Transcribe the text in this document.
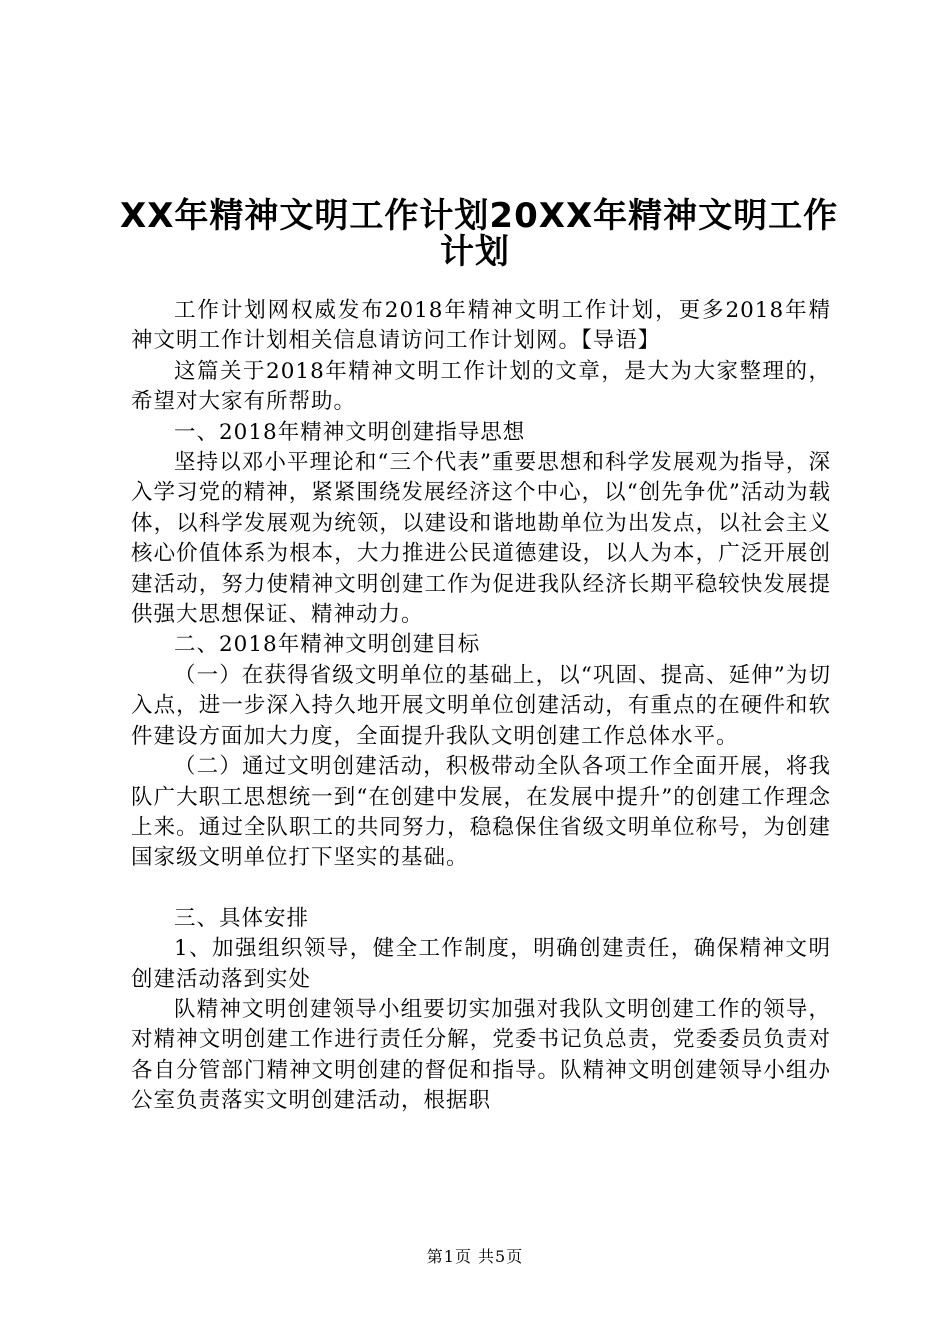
XX年精神文明工作计划20XX年精神文明工作
计划

工作计划网权威发布2018年精神文明工作计划，更多2018年精神文明工作计划相关信息请访问工作计划网。【导语】

这篇关于2018年精神文明工作计划的文章，是大为大家整理的，希望对大家有所帮助。

一、2018年精神文明创建指导思想

坚持以邓小平理论和“三个代表”重要思想和科学发展观为指导，深入学习党的精神，紧紧围绕发展经济这个中心，以“创先争优”活动为载体，以科学发展观为统领，以建设和谐地勘单位为出发点，以社会主义核心价值体系为根本，大力推进公民道德建设，以人为本，广泛开展创建活动，努力使精神文明创建工作为促进我队经济长期平稳较快发展提供强大思想保证、精神动力。

二、2018年精神文明创建目标

（一）在获得省级文明单位的基础上，以“巩固、提高、延伸”为切入点，进一步深入持久地开展文明单位创建活动，有重点的在硬件和软件建设方面加大力度，全面提升我队文明创建工作总体水平。

（二）通过文明创建活动，积极带动全队各项工作全面开展，将我队广大职工思想统一到“在创建中发展，在发展中提升”的创建工作理念上来。通过全队职工的共同努力，稳稳保住省级文明单位称号，为创建国家级文明单位打下坚实的基础。

三、具体安排

1、加强组织领导，健全工作制度，明确创建责任，确保精神文明创建活动落到实处

队精神文明创建领导小组要切实加强对我队文明创建工作的领导，对精神文明创建工作进行责任分解，党委书记负总责，党委委员负责对各自分管部门精神文明创建的督促和指导。队精神文明创建领导小组办公室负责落实文明创建活动，根据职

第1页 共5页
